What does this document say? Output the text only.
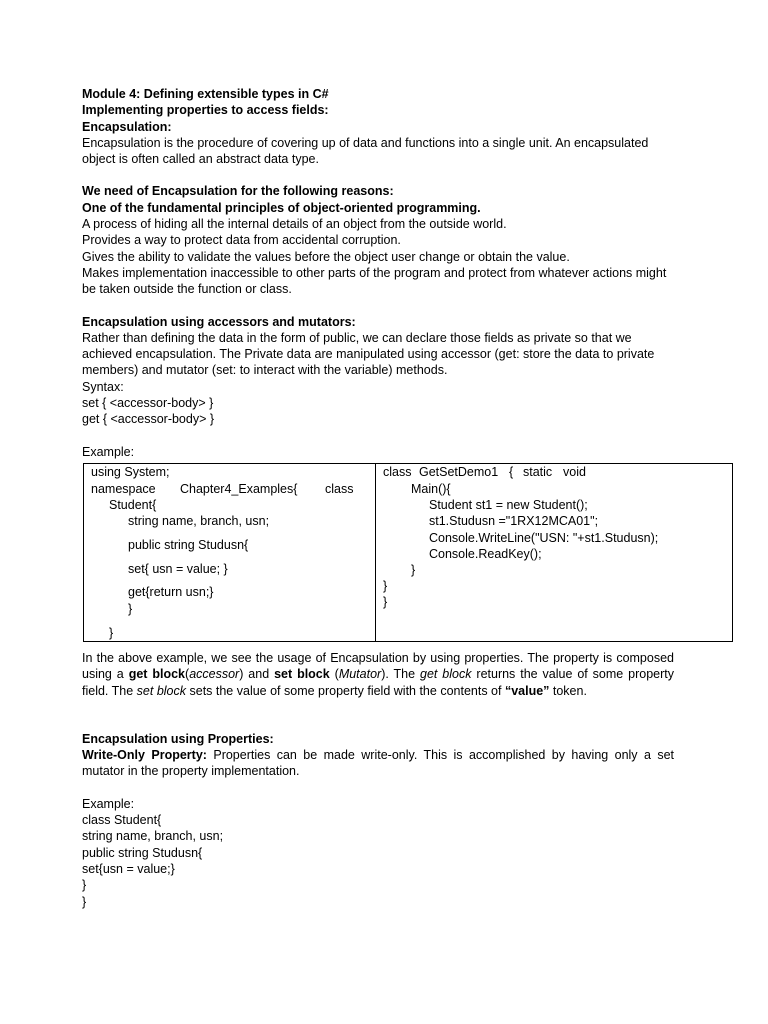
Module 4: Defining extensible types in C#

Implementing properties to access fields:

Encapsulation:

Encapsulation is the procedure of covering up of data and functions into a single unit. An encapsulated object is often called an abstract data type.

We need of Encapsulation for the following reasons:

One of the fundamental principles of object-oriented programming.

A process of hiding all the internal details of an object from the outside world.

Provides a way to protect data from accidental corruption.

Gives the ability to validate the values before the object user change or obtain the value.

Makes implementation inaccessible to other parts of the program and protect from whatever actions might be taken outside the function or class.

Encapsulation using accessors and mutators:

Rather than defining the data in the form of public, we can declare those fields as private so that we achieved encapsulation. The Private data are manipulated using accessor (get: store the data to private members) and mutator (set: to interact with the variable) methods.

Syntax:

set { <accessor-body> }

get { <accessor-body> }

Example:

using System;
namespace Chapter4_Examples{ class
Student{
string name, branch, usn;
public string Studusn{
set{ usn = value; }
get{return usn;}
}
}

class GetSetDemo1 { static void
Main(){
Student st1 = new Student();
st1.Studusn ="1RX12MCA01";
Console.WriteLine("USN: "+st1.Studusn);
Console.ReadKey();
}
}
}

In the above example, we see the usage of Encapsulation by using properties. The property is composed using a get block(accessor) and set block (Mutator). The get block returns the value of some property field. The set block sets the value of some property field with the contents of “value” token.

Encapsulation using Properties:

Write-Only Property: Properties can be made write-only. This is accomplished by having only a set mutator in the property implementation.

Example:

class Student{

string name, branch, usn;

public string Studusn{

set{usn = value;}

}

}
